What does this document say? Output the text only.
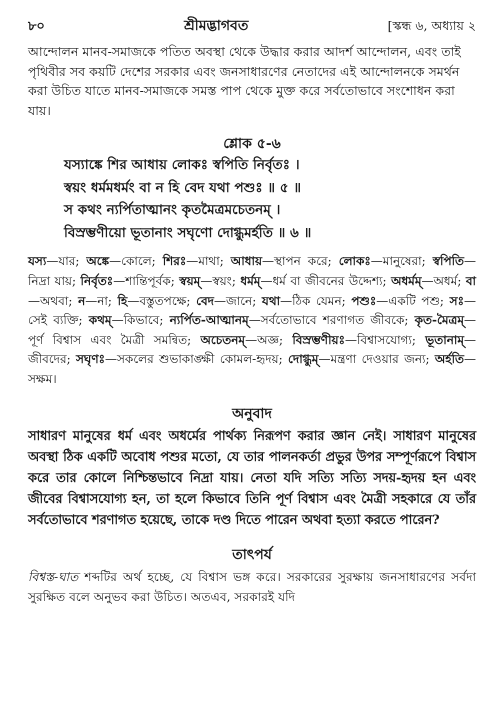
৮০	শ্রীমদ্ভাগবত	[স্কন্ধ ৬, অধ্যায় ২

আন্দোলন মানব-সমাজকে পতিত অবস্থা থেকে উদ্ধার করার আদর্শ আন্দোলন, এবং তাই পৃথিবীর সব কয়টি দেশের সরকার এবং জনসাধারণের নেতাদের এই আন্দোলনকে সমর্থন করা উচিত যাতে মানব-সমাজকে সমস্ত পাপ থেকে মুক্ত করে সর্বতোভাবে সংশোধন করা যায়।

শ্লোক ৫-৬
যস্যাঙ্কে শির আধায় লোকঃ স্বপিতি নির্বৃতঃ ।
স্বয়ং ধর্মমধর্মং বা ন হি বেদ যথা পশুঃ ॥ ৫ ॥
স কথং ন্যর্পিতাত্মানং কৃতমৈত্রমচেতনম্ ।
বিস্রম্ভণীয়ো ভূতানাং সঘৃণো দোগ্ধুমর্হতি ॥ ৬ ॥
যস্য—যার; অঙ্কে—কোলে; শিরঃ—মাথা; আধায়—স্থাপন করে; লোকঃ—মানুষেরা; স্বপিতি—নিদ্রা যায়; নির্বৃতঃ—শান্তিপূর্বক; স্বয়ম্—স্বয়ং; ধর্মম্—ধর্ম বা জীবনের উদ্দেশ্য; অধর্মম্—অধর্ম; বা—অথবা; ন—না; হি—বস্তুতপক্ষে; বেদ—জানে; যথা—ঠিক যেমন; পশুঃ—একটি পশু; সঃ—সেই ব্যক্তি; কথম্—কিভাবে; ন্যর্পিত-আত্মানম্—সর্বতোভাবে শরণাগত জীবকে; কৃত-মৈত্রম্—পূর্ণ বিশ্বাস এবং মৈত্রী সমন্বিত; অচেতনম্—অজ্ঞ; বিস্রম্ভণীয়ঃ—বিশ্বাসযোগ্য; ভূতানাম্—জীবদের; সঘৃণঃ—সকলের শুভাকাঙ্ক্ষী কোমল-হৃদয়; দোগ্ধুম্—মন্ত্রণা দেওয়ার জন্য; অর্হতি—সক্ষম।
অনুবাদ
সাধারণ মানুষের ধর্ম এবং অধর্মের পার্থক্য নিরূপণ করার জ্ঞান নেই। সাধারণ মানুষের অবস্থা ঠিক একটি অবোধ পশুর মতো, যে তার পালনকর্তা প্রভুর উপর সম্পূর্ণরূপে বিশ্বাস করে তার কোলে নিশ্চিন্তভাবে নিদ্রা যায়। নেতা যদি সত্যি সত্যি সদয়-হৃদয় হন এবং জীবের বিশ্বাসযোগ্য হন, তা হলে কিভাবে তিনি পূর্ণ বিশ্বাস এবং মৈত্রী সহকারে যে তাঁর সর্বতোভাবে শরণাগত হয়েছে, তাকে দণ্ড দিতে পারেন অথবা হত্যা করতে পারেন?
তাৎপর্য
বিশ্বস্ত-ঘাত শব্দটির অর্থ হচ্ছে, যে বিশ্বাস ভঙ্গ করে। সরকারের সুরক্ষায় জনসাধারণের সর্বদা সুরক্ষিত বলে অনুভব করা উচিত। অতএব, সরকারই যদি
